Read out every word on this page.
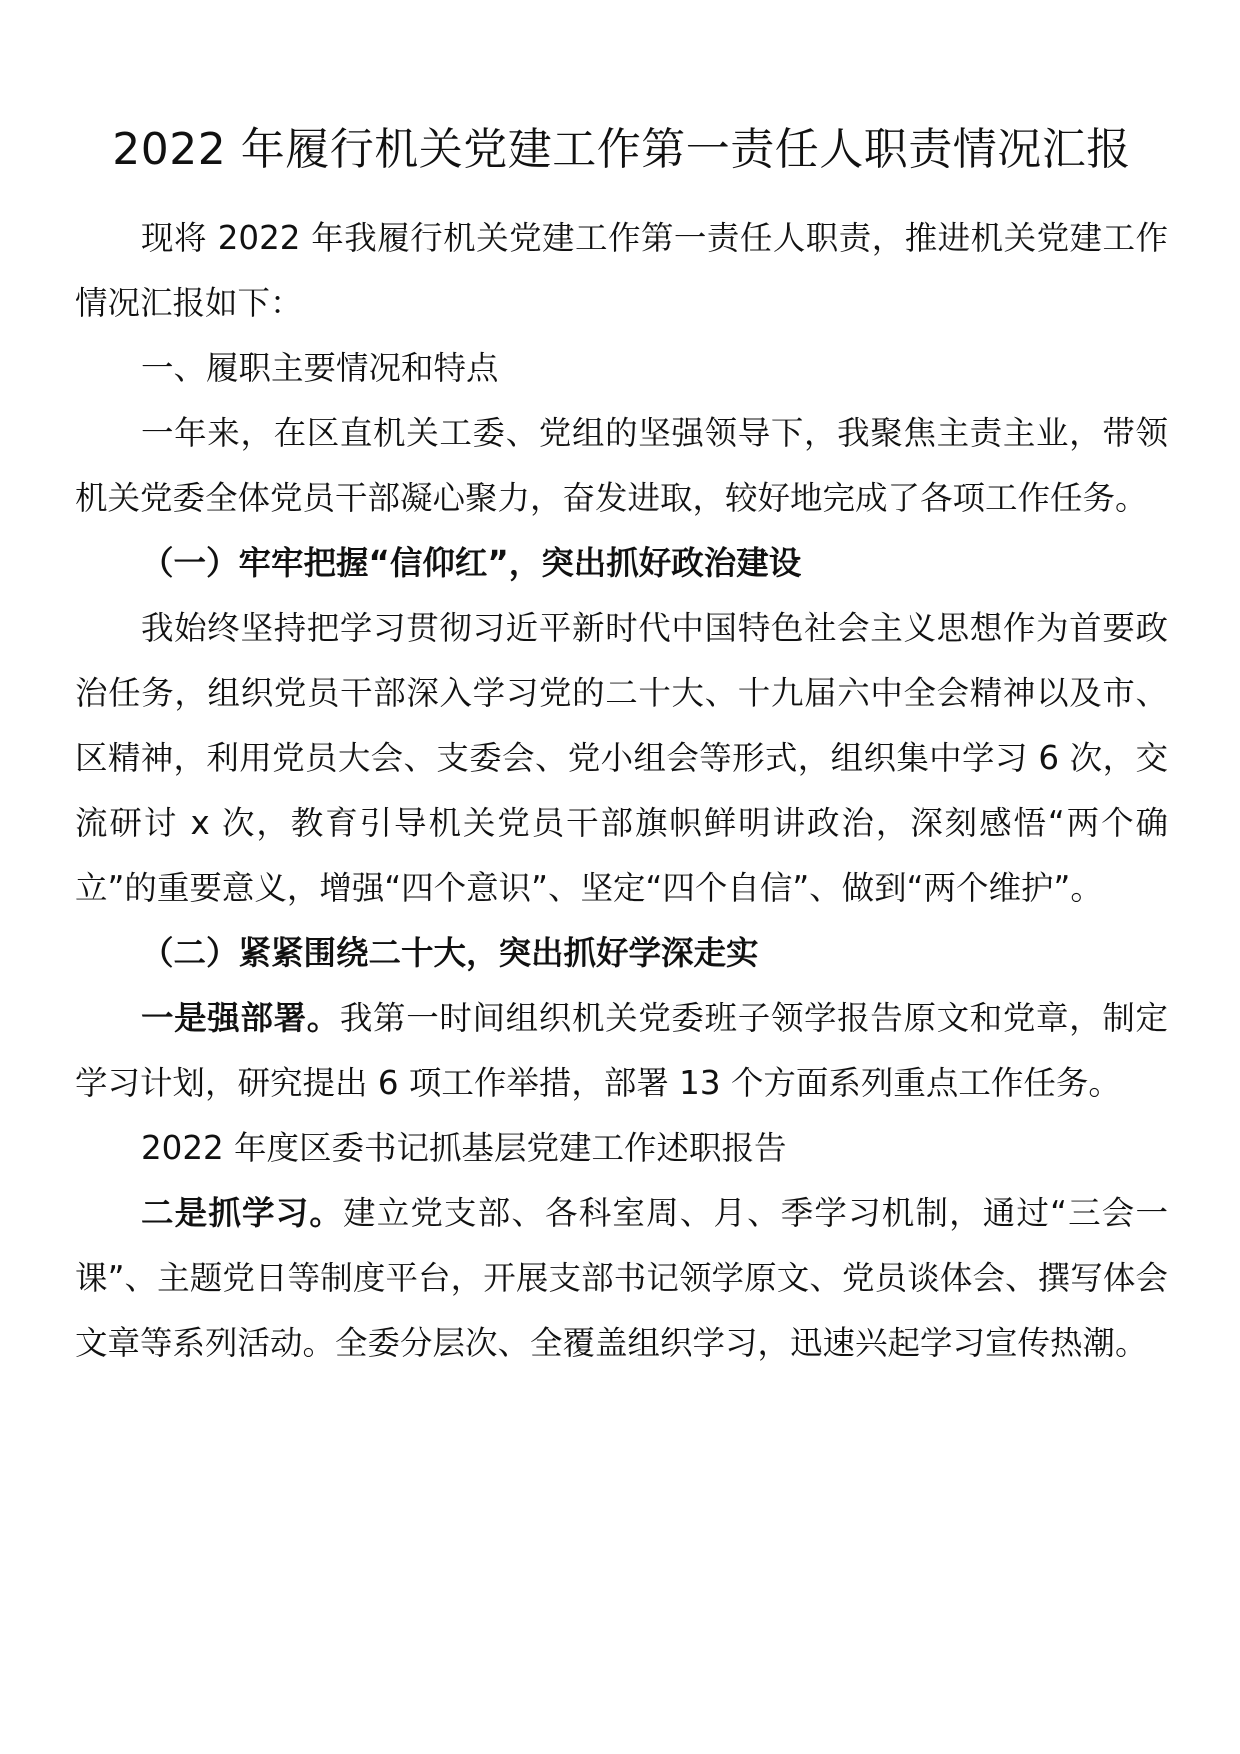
2022 年履行机关党建工作第一责任人职责情况汇报

现将 2022 年我履行机关党建工作第一责任人职责，推进机关党建工作情况汇报如下：

一、履职主要情况和特点

一年来，在区直机关工委、党组的坚强领导下，我聚焦主责主业，带领机关党委全体党员干部凝心聚力，奋发进取，较好地完成了各项工作任务。

（一）牢牢把握“信仰红”，突出抓好政治建设

我始终坚持把学习贯彻习近平新时代中国特色社会主义思想作为首要政治任务，组织党员干部深入学习党的二十大、十九届六中全会精神以及市、区精神，利用党员大会、支委会、党小组会等形式，组织集中学习 6 次，交流研讨 x 次，教育引导机关党员干部旗帜鲜明讲政治，深刻感悟“两个确立”的重要意义，增强“四个意识”、坚定“四个自信”、做到“两个维护”。

（二）紧紧围绕二十大，突出抓好学深走实

一是强部署。我第一时间组织机关党委班子领学报告原文和党章，制定学习计划，研究提出 6 项工作举措，部署 13 个方面系列重点工作任务。

2022 年度区委书记抓基层党建工作述职报告

二是抓学习。建立党支部、各科室周、月、季学习机制，通过“三会一课”、主题党日等制度平台，开展支部书记领学原文、党员谈体会、撰写体会文章等系列活动。全委分层次、全覆盖组织学习，迅速兴起学习宣传热潮。
